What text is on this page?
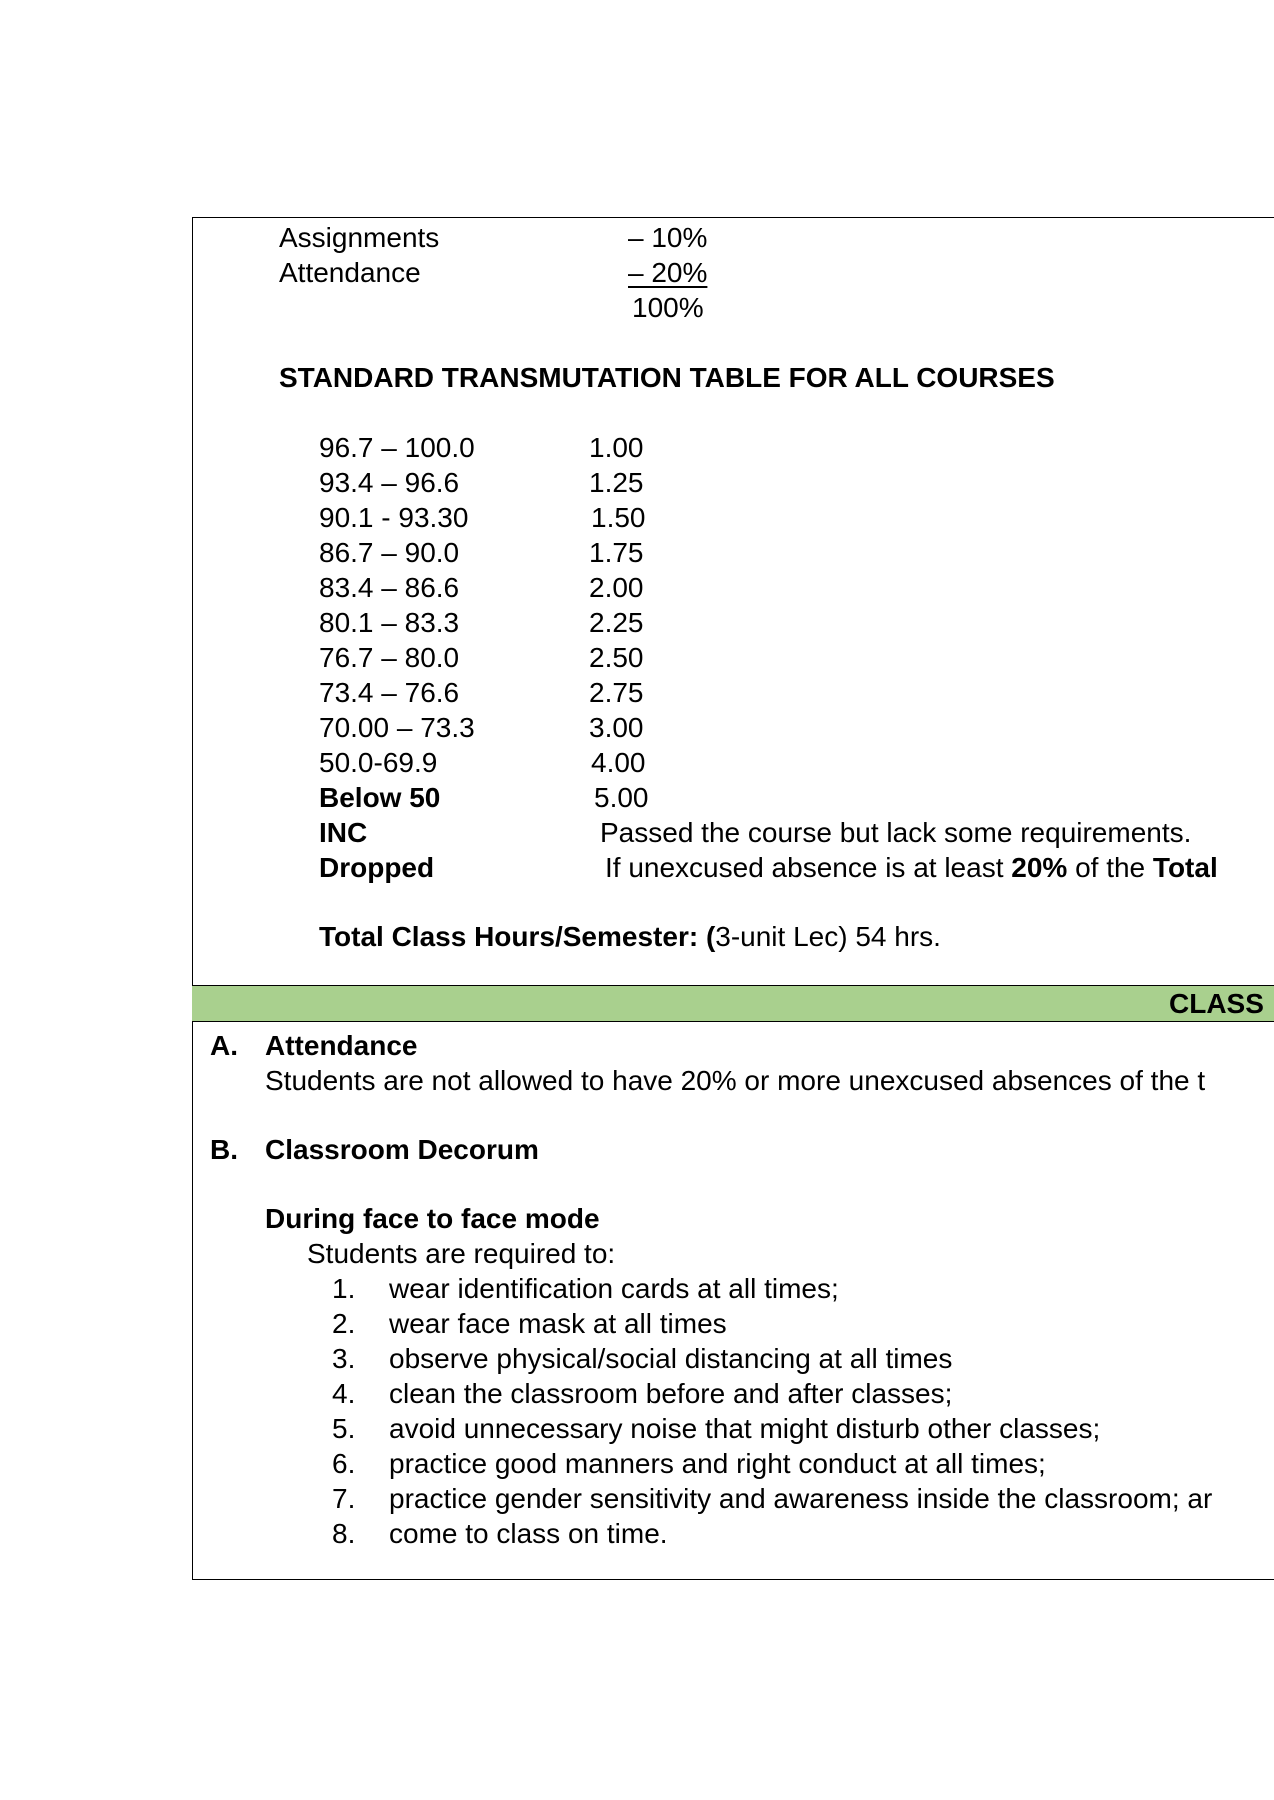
Assignments	– 10%
Attendance	– 20%
100%
STANDARD TRANSMUTATION TABLE FOR ALL COURSES
96.7 – 100.0	1.00
93.4 – 96.6	1.25
90.1 - 93.30	1.50
86.7 – 90.0	1.75
83.4 – 86.6	2.00
80.1 – 83.3	2.25
76.7 – 80.0	2.50
73.4 – 76.6	2.75
70.00 – 73.3	3.00
50.0-69.9	4.00
Below 50	5.00
INC	Passed the course but lack some requirements.
Dropped	If unexcused absence is at least 20% of the Total
Total Class Hours/Semester: (3-unit Lec) 54 hrs.
CLASS
A. Attendance
Students are not allowed to have 20% or more unexcused absences of the t
B. Classroom Decorum
During face to face mode
Students are required to:
1. wear identification cards at all times;
2. wear face mask at all times
3. observe physical/social distancing at all times
4. clean the classroom before and after classes;
5. avoid unnecessary noise that might disturb other classes;
6. practice good manners and right conduct at all times;
7. practice gender sensitivity and awareness inside the classroom; ar
8. come to class on time.
